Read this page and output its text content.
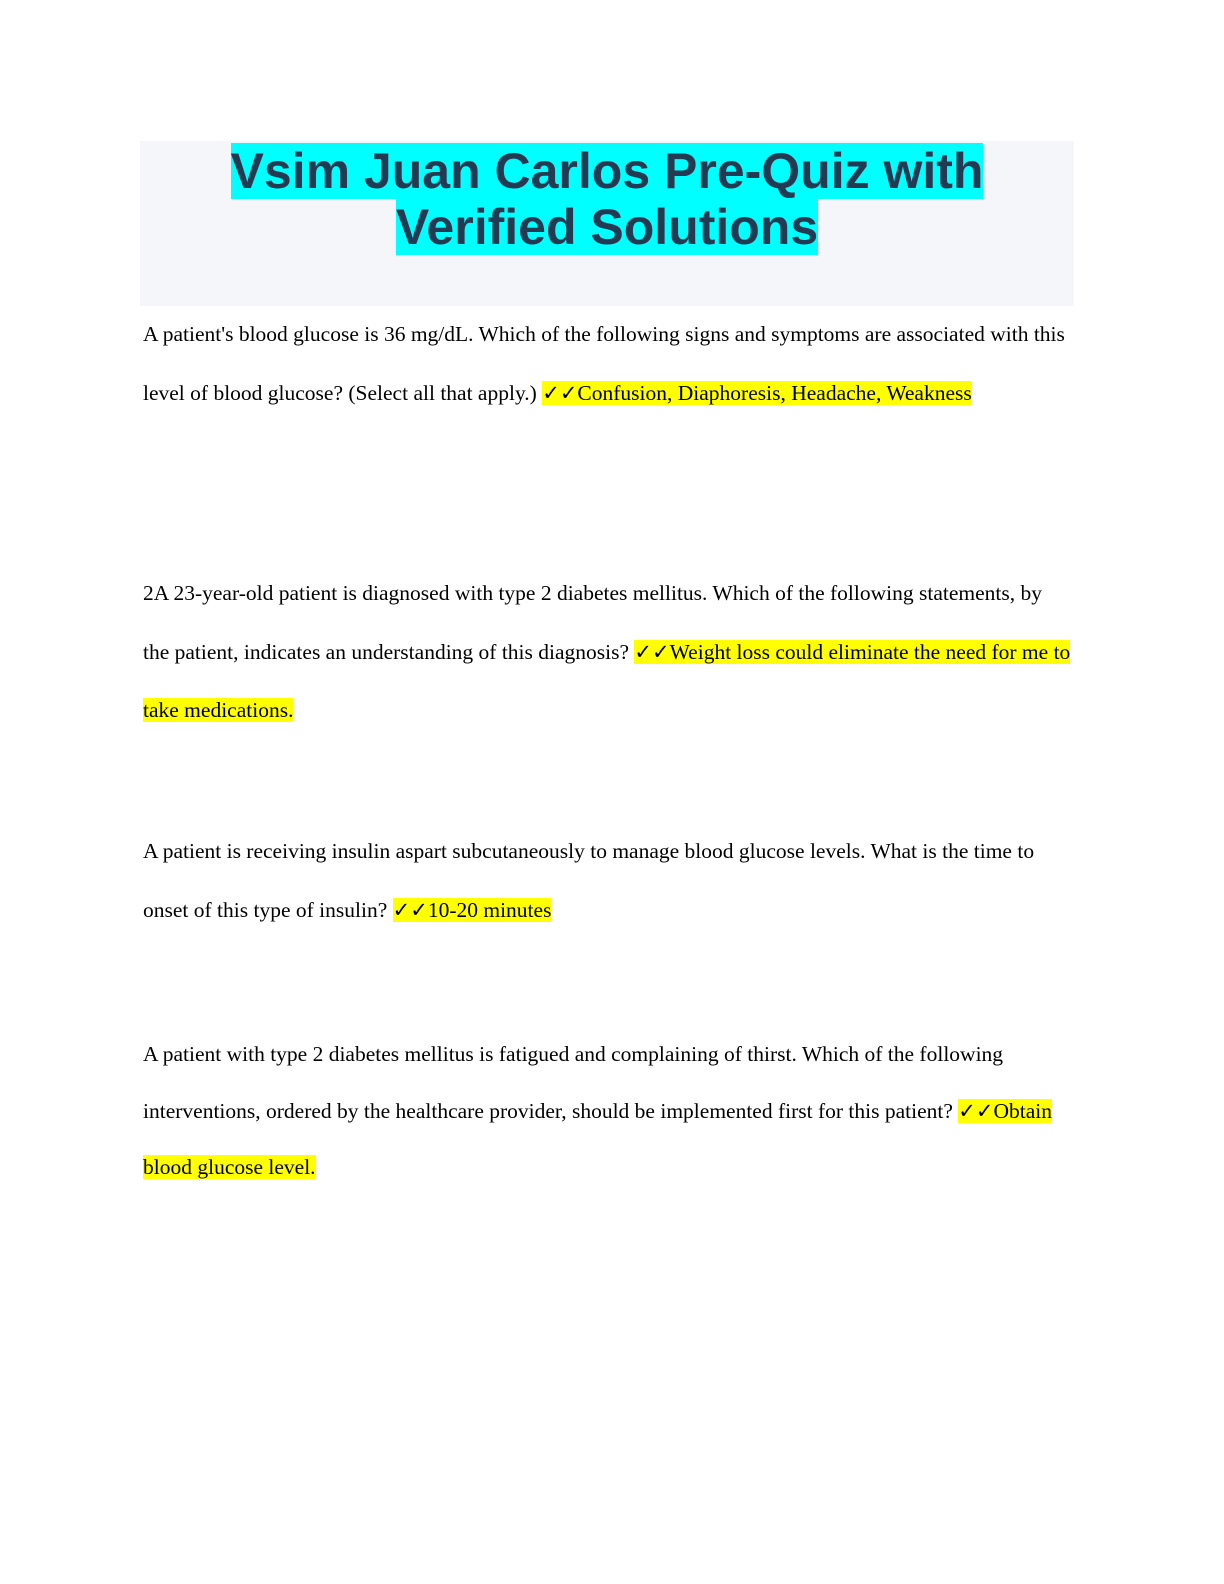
Vsim Juan Carlos Pre-Quiz with Verified Solutions

A patient's blood glucose is 36 mg/dL. Which of the following signs and symptoms are associated with this level of blood glucose? (Select all that apply.) ✓✓Confusion, Diaphoresis, Headache, Weakness

2A 23-year-old patient is diagnosed with type 2 diabetes mellitus. Which of the following statements, by the patient, indicates an understanding of this diagnosis? ✓✓Weight loss could eliminate the need for me to take medications.

A patient is receiving insulin aspart subcutaneously to manage blood glucose levels. What is the time to onset of this type of insulin? ✓✓10-20 minutes

A patient with type 2 diabetes mellitus is fatigued and complaining of thirst. Which of the following interventions, ordered by the healthcare provider, should be implemented first for this patient? ✓✓Obtain blood glucose level.
